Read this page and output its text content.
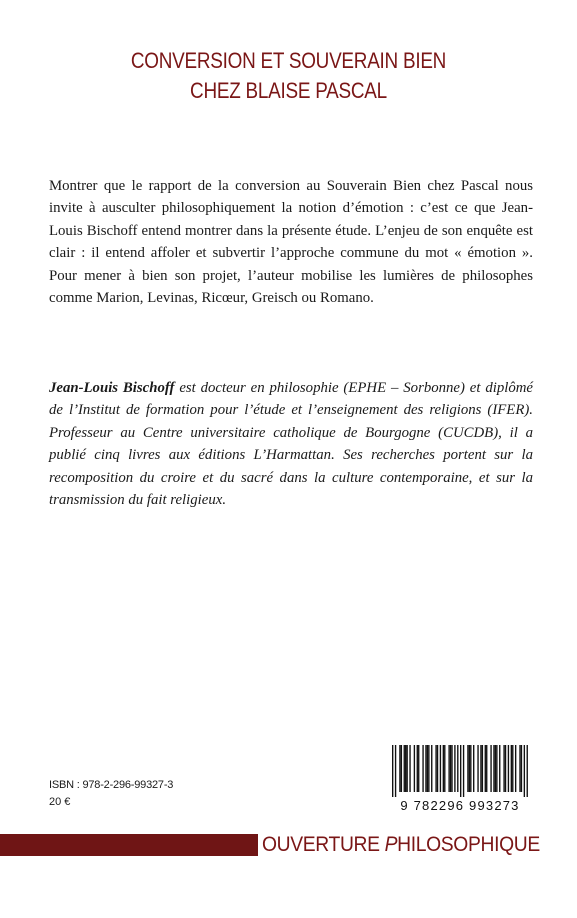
CONVERSION ET SOUVERAIN BIEN
CHEZ BLAISE PASCAL

Montrer que le rapport de la conversion au Souverain Bien chez Pascal nous invite à ausculter philosophiquement la notion d’émotion : c’est ce que Jean-Louis Bischoff entend montrer dans la présente étude. L’enjeu de son enquête est clair : il entend affoler et subvertir l’approche commune du mot « émotion ». Pour mener à bien son projet, l’auteur mobilise les lumières de philosophes comme Marion, Levinas, Ricœur, Greisch ou Romano.

Jean-Louis Bischoff est docteur en philosophie (EPHE – Sorbonne) et diplômé de l’Institut de formation pour l’étude et l’enseignement des religions (IFER). Professeur au Centre universitaire catholique de Bourgogne (CUCDB), il a publié cinq livres aux éditions L’Harmattan. Ses recherches portent sur la recomposition du croire et du sacré dans la culture contemporaine, et sur la transmission du fait religieux.

ISBN : 978-2-296-99327-3
20 €	9 782296 993273
OUVERTURE PHILOSOPHIQUE
